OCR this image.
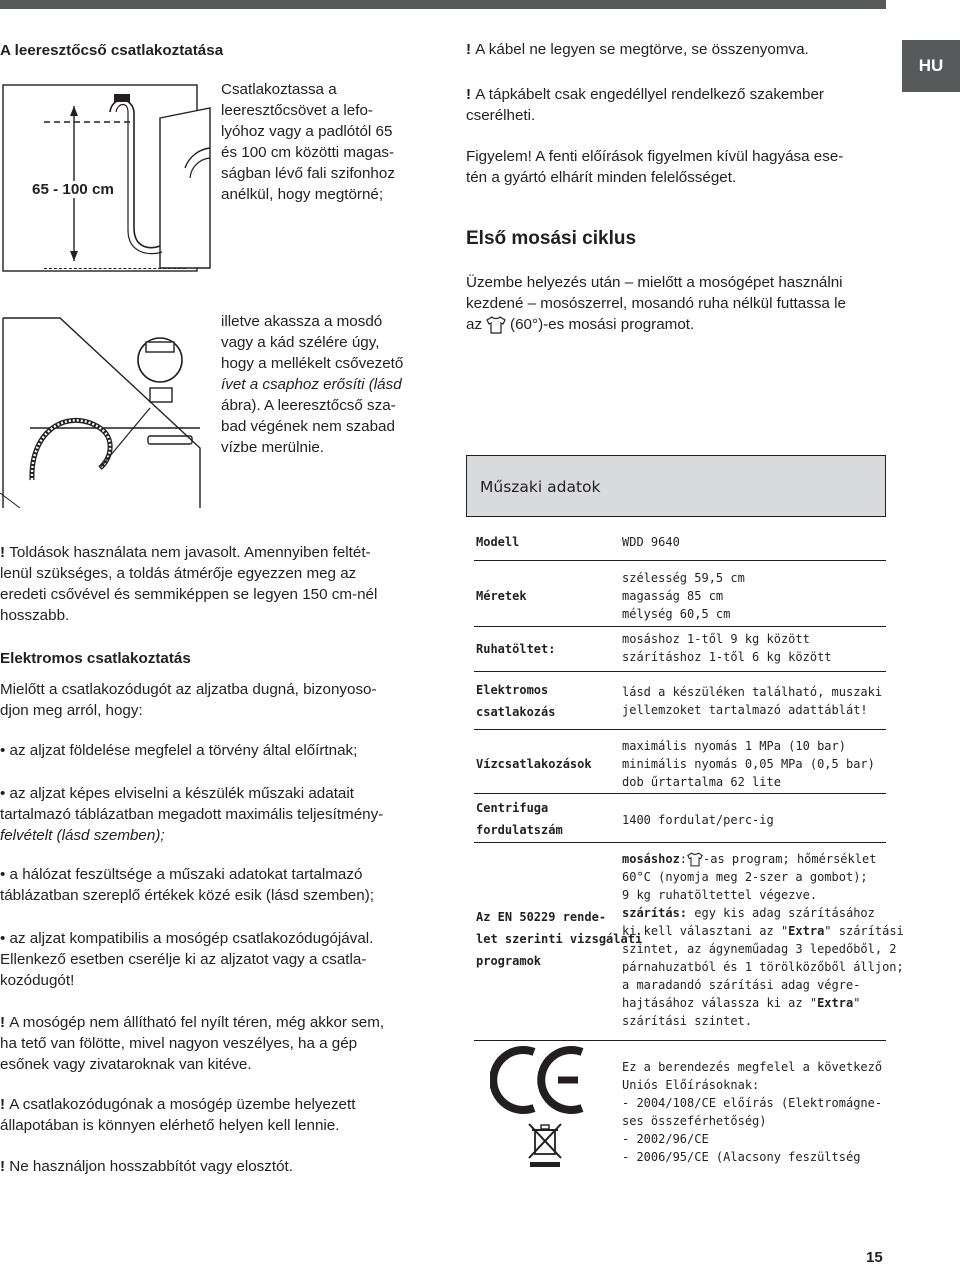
HU
A leeresztőcső csatlakoztatása
65 - 100 cm
Csatlakoztassa a
leeresztőcsövet a lefo-
lyóhoz vagy a padlótól 65
és 100 cm közötti magas-
ságban lévő fali szifonhoz
anélkül, hogy megtörné;
illetve akassza a mosdó
vagy a kád szélére úgy,
hogy a mellékelt csővezető
ívet a csaphoz erősíti (lásd
ábra). A leeresztőcső sza-
bad végének nem szabad
vízbe merülnie.
! Toldások használata nem javasolt. Amennyiben feltét-
lenül szükséges, a toldás átmérője egyezzen meg az
eredeti csővével és semmiképpen se legyen 150 cm-nél
hosszabb.
Elektromos csatlakoztatás
Mielőtt a csatlakozódugót az aljzatba dugná, bizonyoso-
djon meg arról, hogy:
• az aljzat földelése megfelel a törvény által előírtnak;
• az aljzat képes elviselni a készülék műszaki adatait
tartalmazó táblázatban megadott maximális teljesítmény-
felvételt (lásd szemben);
• a hálózat feszültsége a műszaki adatokat tartalmazó
táblázatban szereplő értékek közé esik (lásd szemben);
• az aljzat kompatibilis a mosógép csatlakozódugójával.
Ellenkező esetben cserélje ki az aljzatot vagy a csatla-
kozódugót!
! A mosógép nem állítható fel nyílt téren, még akkor sem,
ha tető van fölötte, mivel nagyon veszélyes, ha a gép
esőnek vagy zivataroknak van kitéve.
! A csatlakozódugónak a mosógép üzembe helyezett
állapotában is könnyen elérhető helyen kell lennie.
! Ne használjon hosszabbítót vagy elosztót.
! A kábel ne legyen se megtörve, se összenyomva.
! A tápkábelt csak engedéllyel rendelkező szakember
cserélheti.
Figyelem! A fenti előírások figyelmen kívül hagyása ese-
tén a gyártó elhárít minden felelősséget.
Első mosási ciklus
Üzembe helyezés után – mielőtt a mosógépet használni
kezdené – mosószerrel, mosandó ruha nélkül futtassa le
az (60°)-es mosási programot.
Műszaki adatok
Modell	WDD 9640
Méretek
szélesség 59,5 cm
magasság 85 cm
mélység 60,5 cm
Ruhatöltet:
mosáshoz 1-től 9 kg között
szárításhoz 1-től 6 kg között
Elektromos
csatlakozás
lásd a készüléken található, muszaki
jellemzoket tartalmazó adattáblát!
Vízcsatlakozások
maximális nyomás 1 MPa (10 bar)
minimális nyomás 0,05 MPa (0,5 bar)
dob űrtartalma 62 lite
Centrifuga
fordulatszám
1400 fordulat/perc-ig
Az EN 50229 rende-
let szerinti vizsgálati
programok
mosáshoz : -as program; hőmérséklet
60°C (nyomja meg 2-szer a gombot);
9 kg ruhatöltettel végezve.
szárítás: egy kis adag szárításához
ki kell választani az "Extra" szárítási
szintet, az ágyneműadag 3 lepedőből, 2
párnahuzatból és 1 törölközőből álljon;
a maradandó szárítási adag végre-
hajtásához válassza ki az "Extra"
szárítási szintet.
Ez a berendezés megfelel a következő
Uniós Előírásoknak:
- 2004/108/CE előírás (Elektromágne-
ses összeférhetőség)
- 2002/96/CE
- 2006/95/CE (Alacsony feszültség
15
